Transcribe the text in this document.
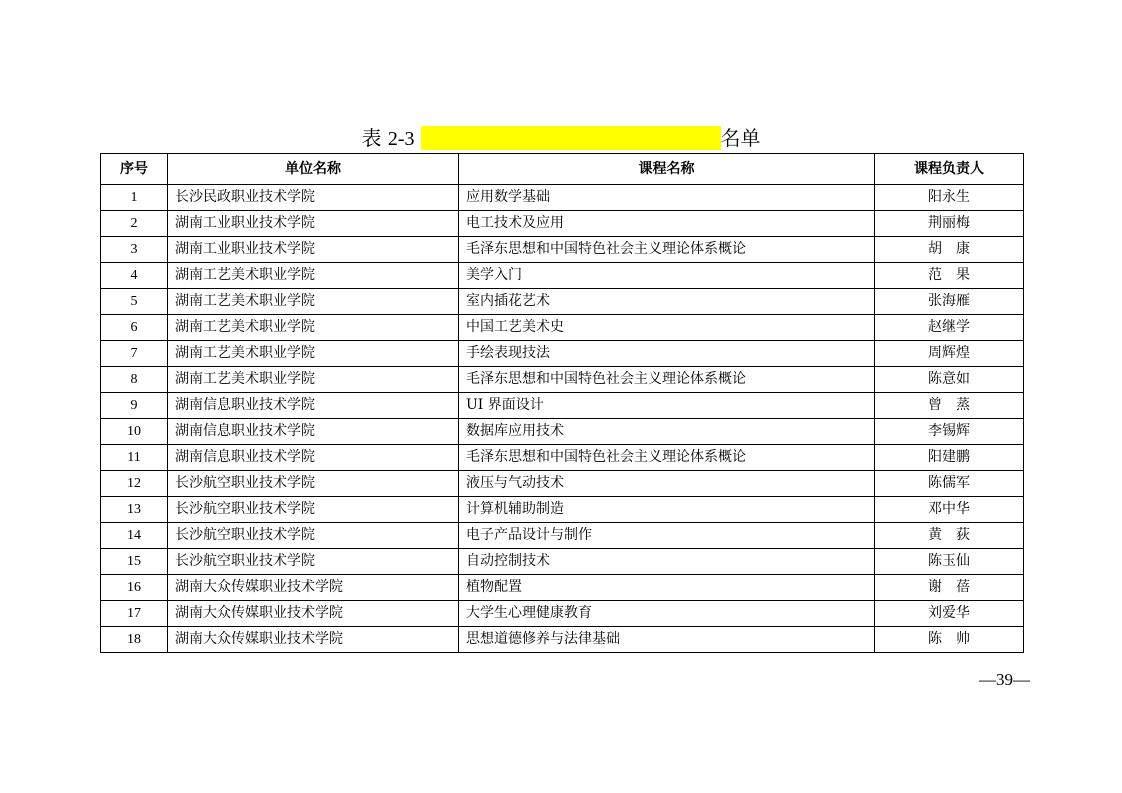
表 2-3	名单
序号	单位名称	课程名称	课程负责人
1	长沙民政职业技术学院	应用数学基础	阳永生
2	湖南工业职业技术学院	电工技术及应用	荆丽梅
3	湖南工业职业技术学院	毛泽东思想和中国特色社会主义理论体系概论	胡　康
4	湖南工艺美术职业学院	美学入门	范　果
5	湖南工艺美术职业学院	室内插花艺术	张海雁
6	湖南工艺美术职业学院	中国工艺美术史	赵继学
7	湖南工艺美术职业学院	手绘表现技法	周辉煌
8	湖南工艺美术职业学院	毛泽东思想和中国特色社会主义理论体系概论	陈意如
9	湖南信息职业技术学院	UI 界面设计	曾　蒸
10	湖南信息职业技术学院	数据库应用技术	李锡辉
11	湖南信息职业技术学院	毛泽东思想和中国特色社会主义理论体系概论	阳建鹏
12	长沙航空职业技术学院	液压与气动技术	陈儒军
13	长沙航空职业技术学院	计算机辅助制造	邓中华
14	长沙航空职业技术学院	电子产品设计与制作	黄　荻
15	长沙航空职业技术学院	自动控制技术	陈玉仙
16	湖南大众传媒职业技术学院	植物配置	谢　蓓
17	湖南大众传媒职业技术学院	大学生心理健康教育	刘爱华
18	湖南大众传媒职业技术学院	思想道德修养与法律基础	陈　帅
—39—
